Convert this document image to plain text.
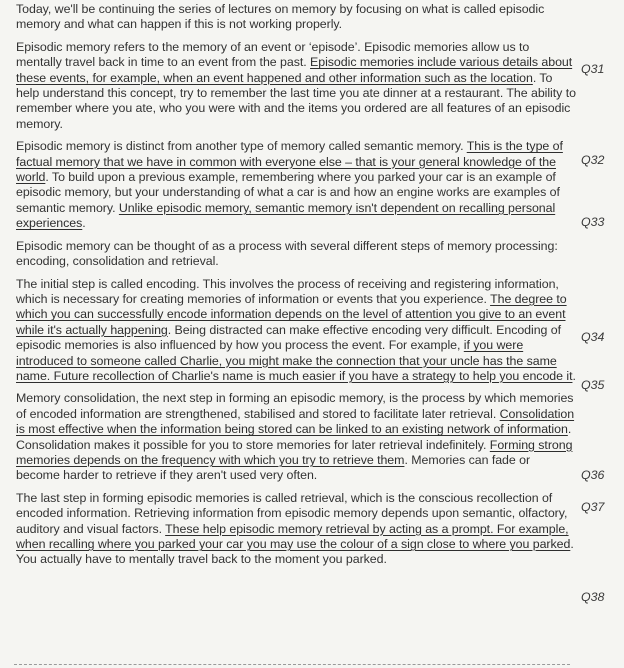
Today, we'll be continuing the series of lectures on memory by focusing on what is called episodic memory and what can happen if this is not working properly.

Episodic memory refers to the memory of an event or ‘episode’. Episodic memories allow us to mentally travel back in time to an event from the past. Episodic memories include various details about these events, for example, when an event happened and other information such as the location. To help understand this concept, try to remember the last time you ate dinner at a restaurant. The ability to remember where you ate, who you were with and the items you ordered are all features of an episodic memory.

Episodic memory is distinct from another type of memory called semantic memory. This is the type of factual memory that we have in common with everyone else – that is your general knowledge of the world. To build upon a previous example, remembering where you parked your car is an example of episodic memory, but your understanding of what a car is and how an engine works are examples of semantic memory. Unlike episodic memory, semantic memory isn't dependent on recalling personal experiences.

Episodic memory can be thought of as a process with several different steps of memory processing: encoding, consolidation and retrieval.

The initial step is called encoding. This involves the process of receiving and registering information, which is necessary for creating memories of information or events that you experience. The degree to which you can successfully encode information depends on the level of attention you give to an event while it's actually happening. Being distracted can make effective encoding very difficult. Encoding of episodic memories is also influenced by how you process the event. For example, if you were introduced to someone called Charlie, you might make the connection that your uncle has the same name. Future recollection of Charlie's name is much easier if you have a strategy to help you encode it.

Memory consolidation, the next step in forming an episodic memory, is the process by which memories of encoded information are strengthened, stabilised and stored to facilitate later retrieval. Consolidation is most effective when the information being stored can be linked to an existing network of information. Consolidation makes it possible for you to store memories for later retrieval indefinitely. Forming strong memories depends on the frequency with which you try to retrieve them. Memories can fade or become harder to retrieve if they aren't used very often.

The last step in forming episodic memories is called retrieval, which is the conscious recollection of encoded information. Retrieving information from episodic memory depends upon semantic, olfactory, auditory and visual factors. These help episodic memory retrieval by acting as a prompt. For example, when recalling where you parked your car you may use the colour of a sign close to where you parked. You actually have to mentally travel back to the moment you parked.

Q31
Q32
Q33
Q34
Q35
Q36
Q37
Q38
